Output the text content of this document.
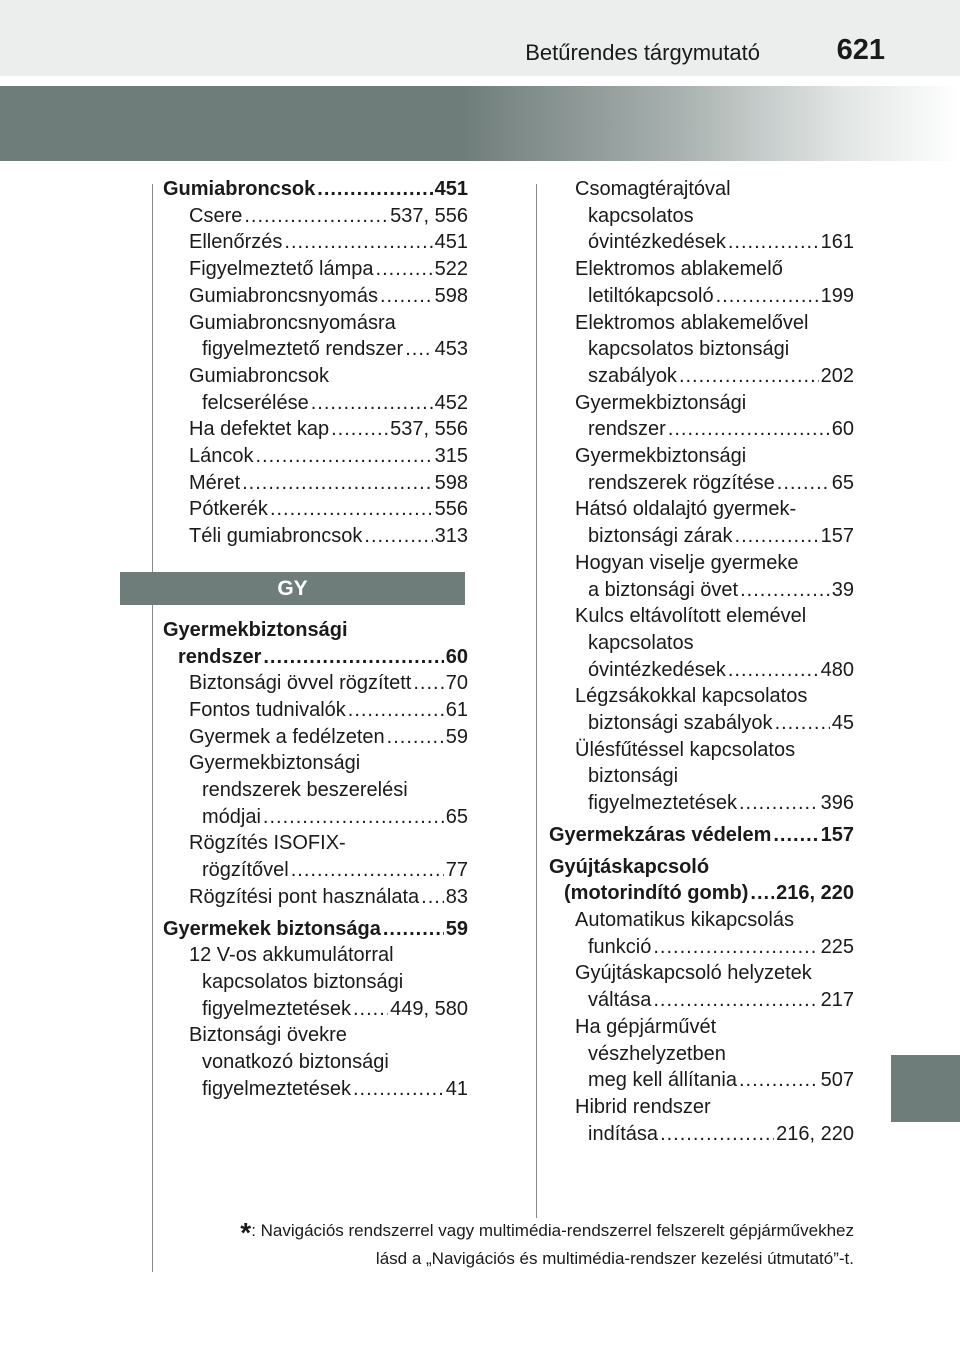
Betűrendes tárgymutató	621
Gumiabroncsok .....	451
Csere .....	537, 556
Ellenőrzés .....	451
Figyelmeztető lámpa .....	522
Gumiabroncsnyomás .....	598
Gumiabroncsnyomásra
figyelmeztető rendszer ..... 453
Gumiabroncsok
felcserélése .....	452
Ha defektet kap .....	537, 556
Láncok .....	315
Méret .....	598
Pótkerék .....	556
Téli gumiabroncsok .....	313
GY
Gyermekbiztonsági
rendszer .....	60
Biztonsági övvel rögzített ..... 70
Fontos tudnivalók .....	61
Gyermek a fedélzeten .....	59
Gyermekbiztonsági
rendszerek beszerelési
módjai .....	65
Rögzítés ISOFIX-
rögzítővel .....	77
Rögzítési pont használata ..... 83
Gyermekek biztonsága .....	59
12 V-os akkumulátorral
kapcsolatos biztonsági
figyelmeztetések ..... 449, 580
Biztonsági övekre
vonatkozó biztonsági
figyelmeztetések .....	41
Csomagtérajtóval
kapcsolatos
óvintézkedések .....	161
Elektromos ablakemelő
letiltókapcsoló .....	199
Elektromos ablakemelővel
kapcsolatos biztonsági
szabályok .....	202
Gyermekbiztonsági
rendszer .....	60
Gyermekbiztonsági
rendszerek rögzítése .....	65
Hátsó oldalajtó gyermek-
biztonsági zárak .....	157
Hogyan viselje gyermeke
a biztonsági övet .....	39
Kulcs eltávolított elemével
kapcsolatos
óvintézkedések .....	480
Légzsákokkal kapcsolatos
biztonsági szabályok .....	45
Ülésfűtéssel kapcsolatos
biztonsági
figyelmeztetések .....	396
Gyermekzáras védelem ..... 157
Gyújtáskapcsoló
(motorindító gomb) ..... 216, 220
Automatikus kikapcsolás
funkció .....	225
Gyújtáskapcsoló helyzetek
váltása .....	217
Ha gépjárművét
vészhelyzetben
meg kell állítania .....	507
Hibrid rendszer
indítása .....	216, 220
*: Navigációs rendszerrel vagy multimédia-rendszerrel felszerelt gépjárművekhez
lásd a „Navigációs és multimédia-rendszer kezelési útmutató”-t.
